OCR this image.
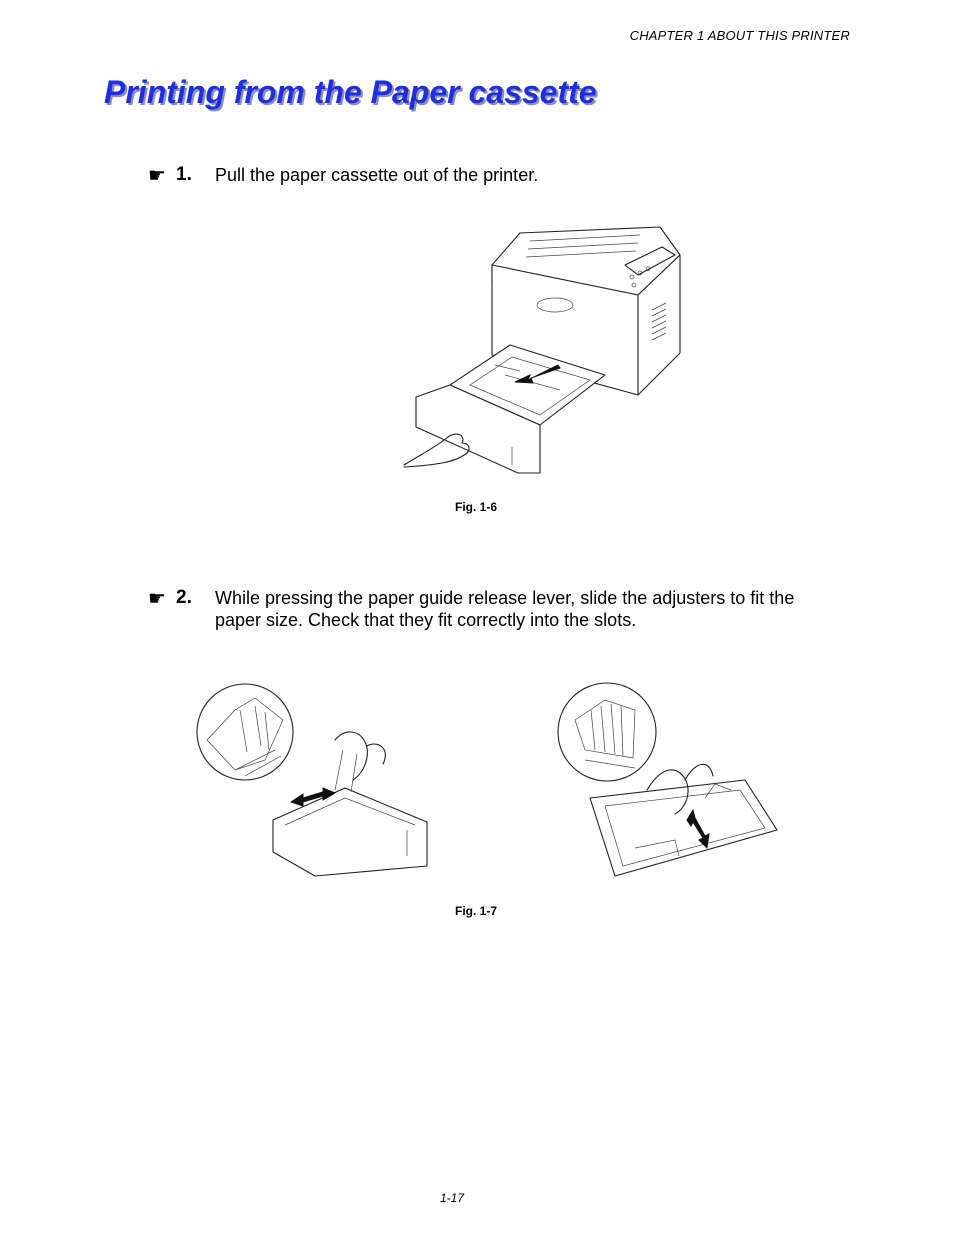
CHAPTER 1 ABOUT THIS PRINTER
Printing from the Paper cassette
☛ 1. Pull the paper cassette out of the printer.
Fig. 1-6
☛ 2. While pressing the paper guide release lever, slide the adjusters to fit the paper size. Check that they fit correctly into the slots.
Fig. 1-7
1-17
